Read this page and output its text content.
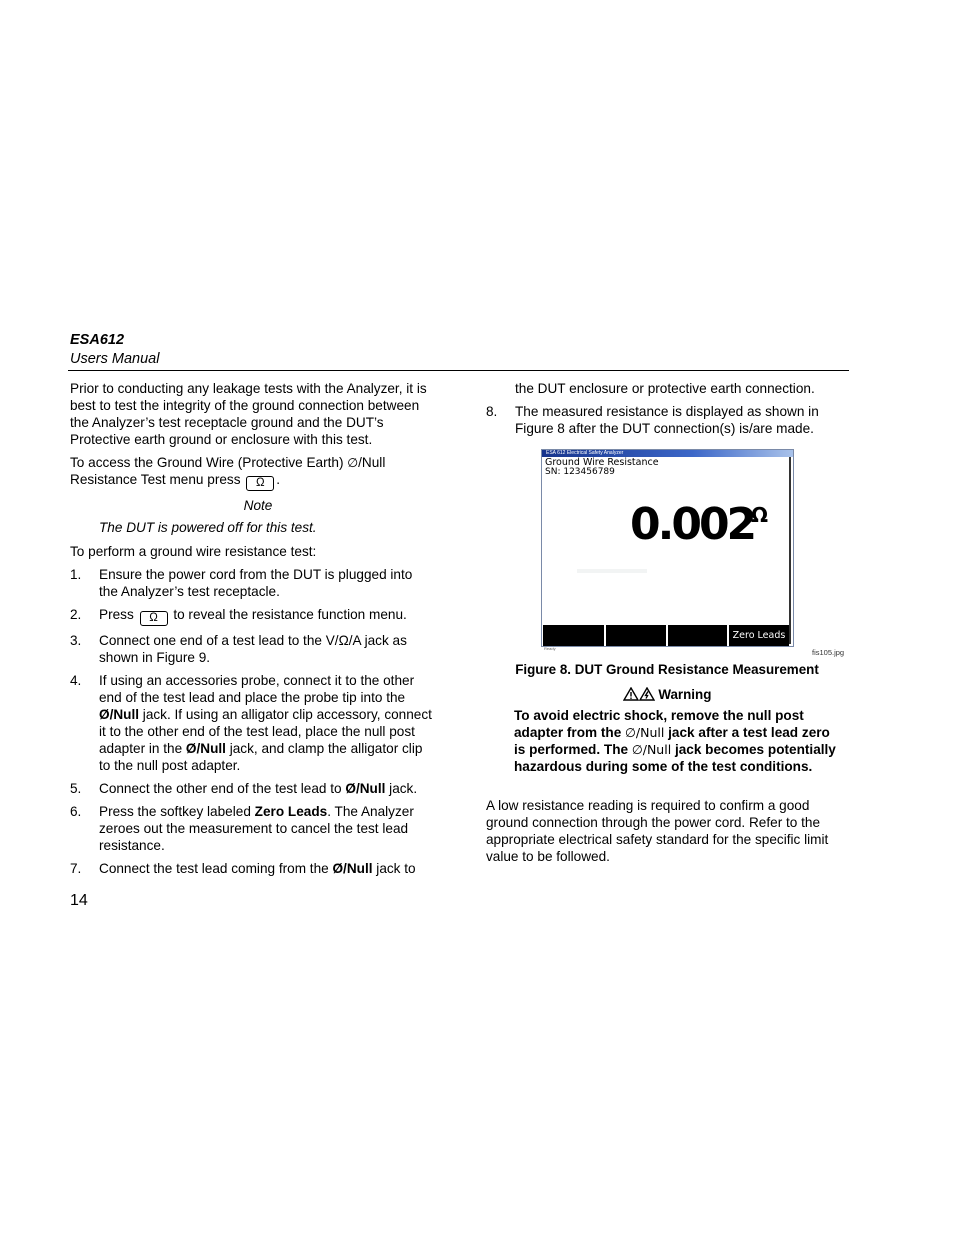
ESA612
Users Manual

Prior to conducting any leakage tests with the Analyzer, it is best to test the integrity of the ground connection between the Analyzer’s test receptacle ground and the DUT’s Protective earth ground or enclosure with this test.

To access the Ground Wire (Protective Earth) ∅/Null Resistance Test menu press Ω .

Note
The DUT is powered off for this test.

To perform a ground wire resistance test:

1. Ensure the power cord from the DUT is plugged into the Analyzer’s test receptacle.
2. Press Ω to reveal the resistance function menu.
3. Connect one end of a test lead to the V/Ω/A jack as shown in Figure 9.
4. If using an accessories probe, connect it to the other end of the test lead and place the probe tip into the Ø/Null jack. If using an alligator clip accessory, connect it to the other end of the test lead, place the null post adapter in the Ø/Null jack, and clamp the alligator clip to the null post adapter.
5. Connect the other end of the test lead to Ø/Null jack.
6. Press the softkey labeled Zero Leads. The Analyzer zeroes out the measurement to cancel the test lead resistance.
7. Connect the test lead coming from the Ø/Null jack to

the DUT enclosure or protective earth connection.

8. The measured resistance is displayed as shown in Figure 8 after the DUT connection(s) is/are made.
ESA 612 Electrical Safety Analyzer
Ground Wire Resistance
SN: 123456789
0.002
Ω
Zero Leads
Ready	fis105.jpg
Figure 8. DUT Ground Resistance Measurement
Warning
To avoid electric shock, remove the null post adapter from the ∅/Null jack after a test lead zero is performed. The ∅/Null jack becomes potentially hazardous during some of the test conditions.
A low resistance reading is required to confirm a good ground connection through the power cord. Refer to the appropriate electrical safety standard for the specific limit value to be followed.
14
